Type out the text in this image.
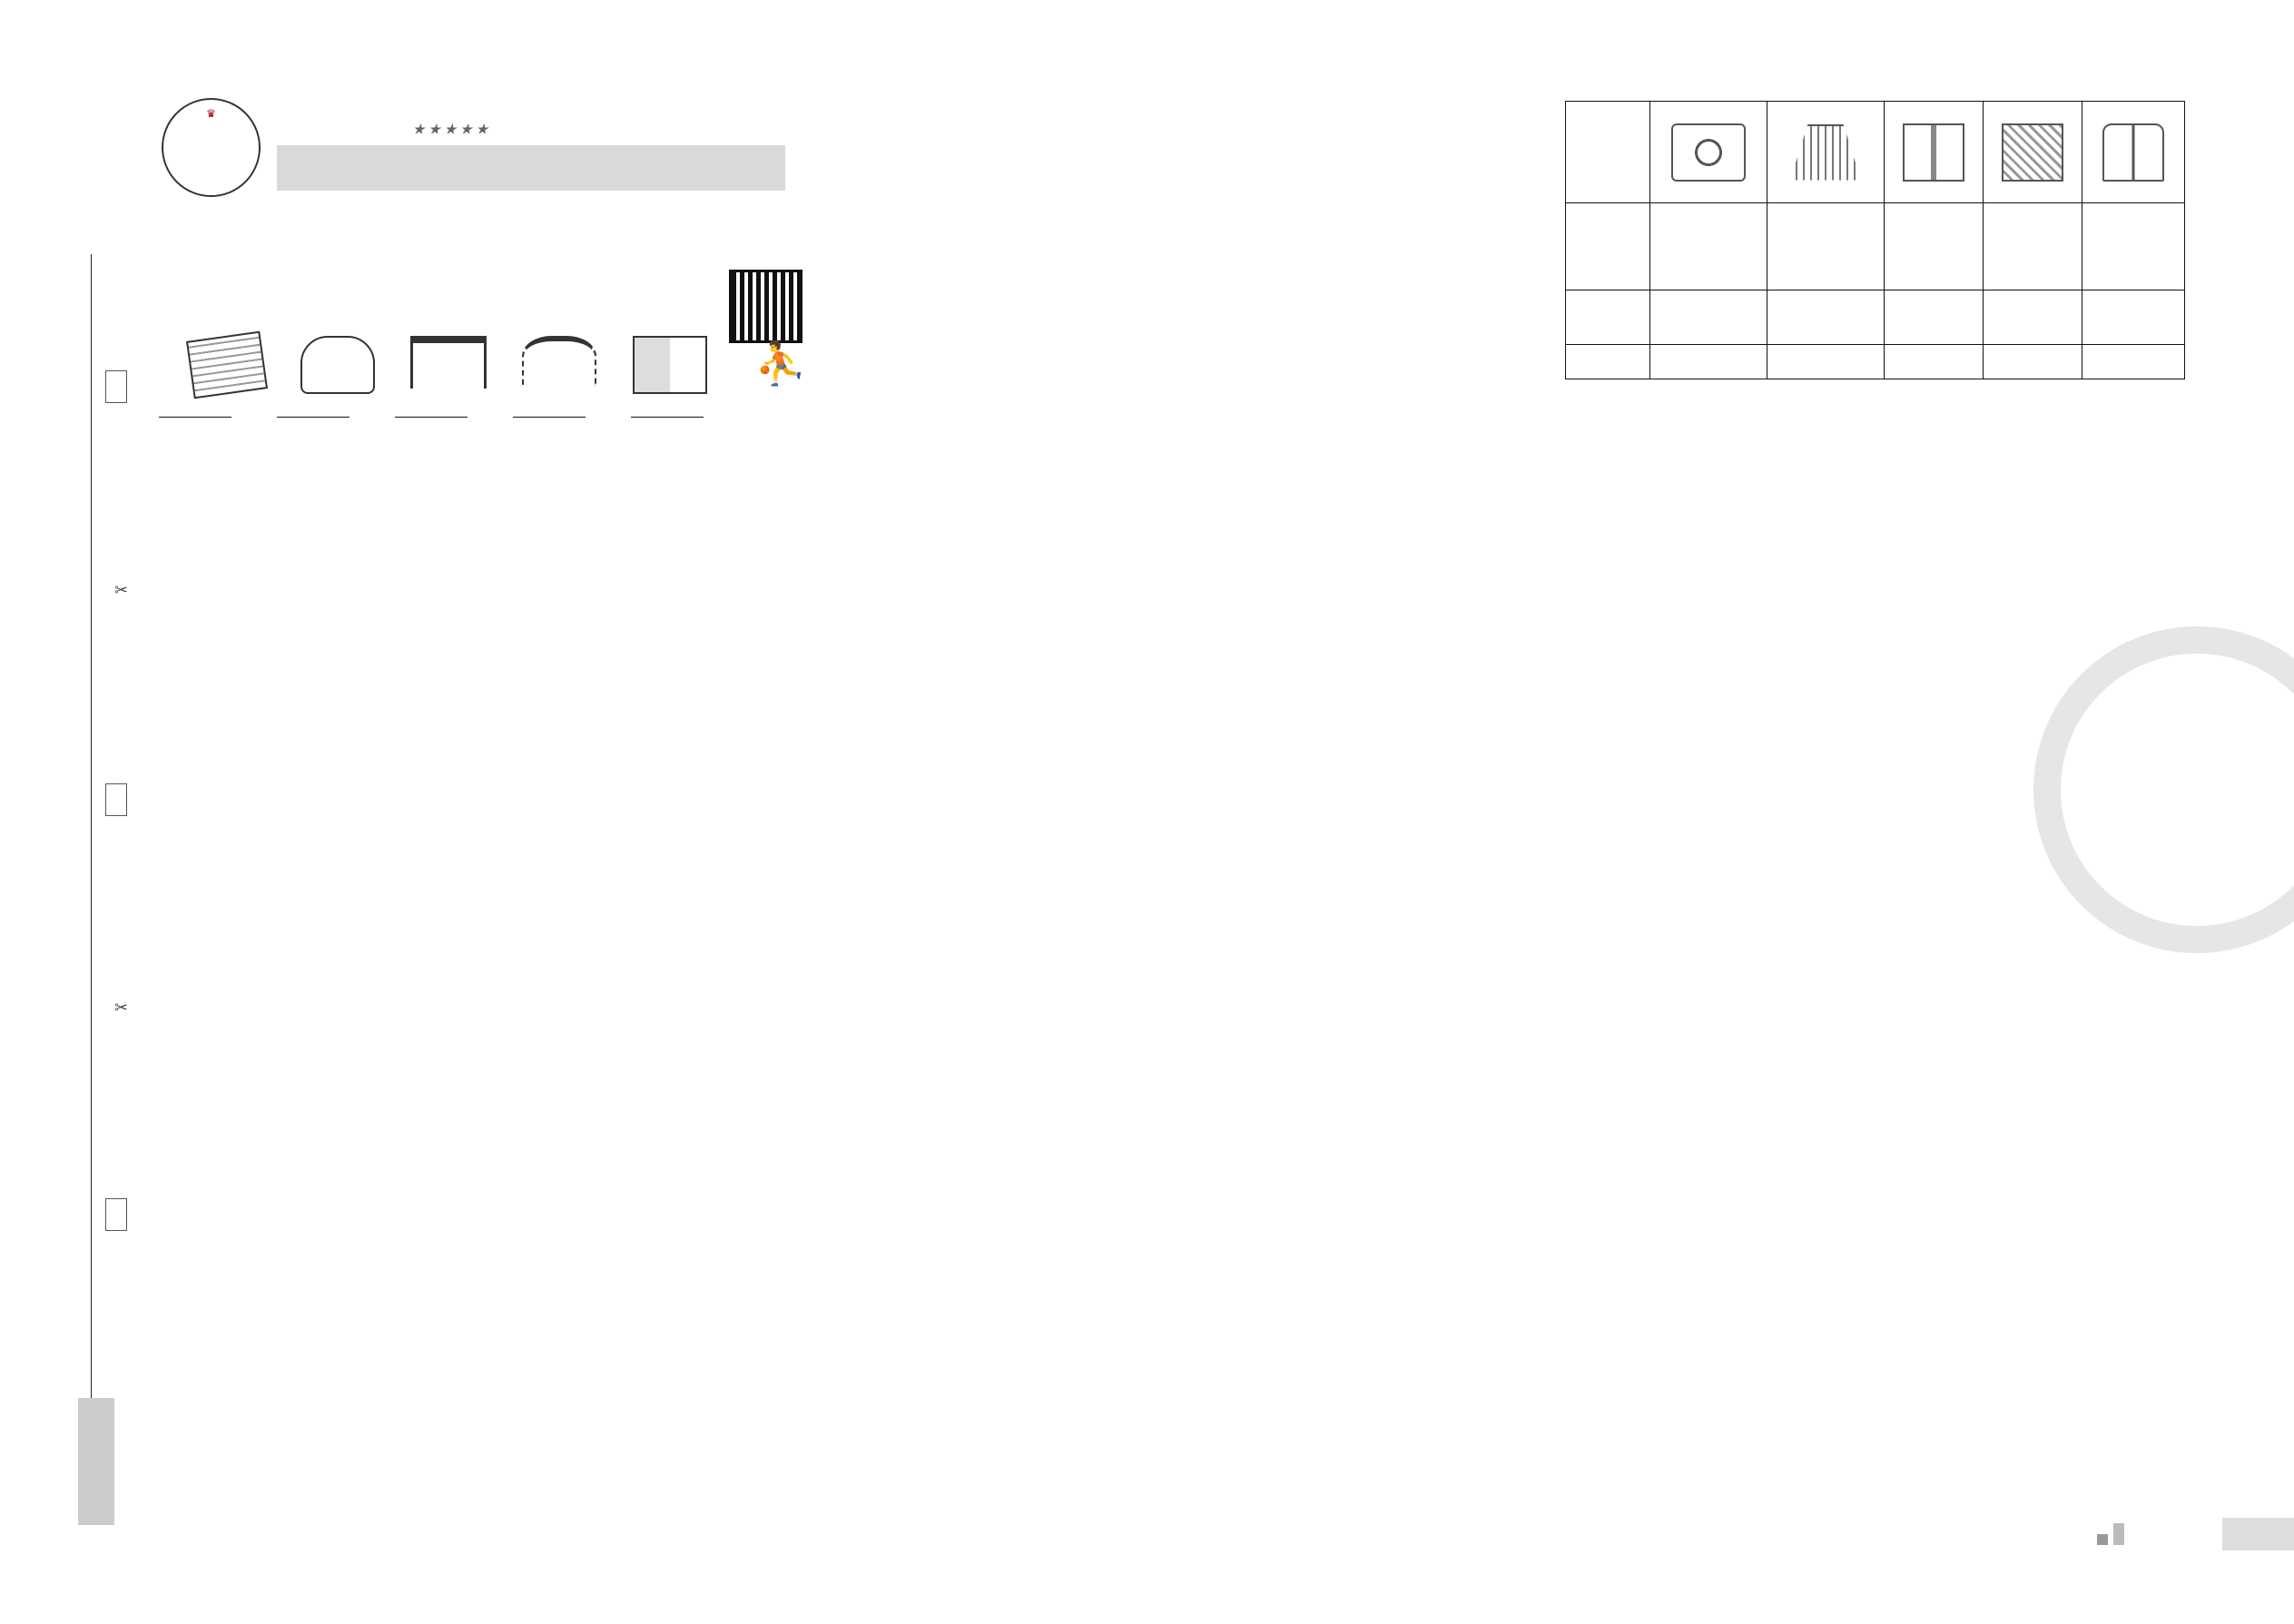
✂
✂
♛
★ ★ ★ ★ ★
⛹
